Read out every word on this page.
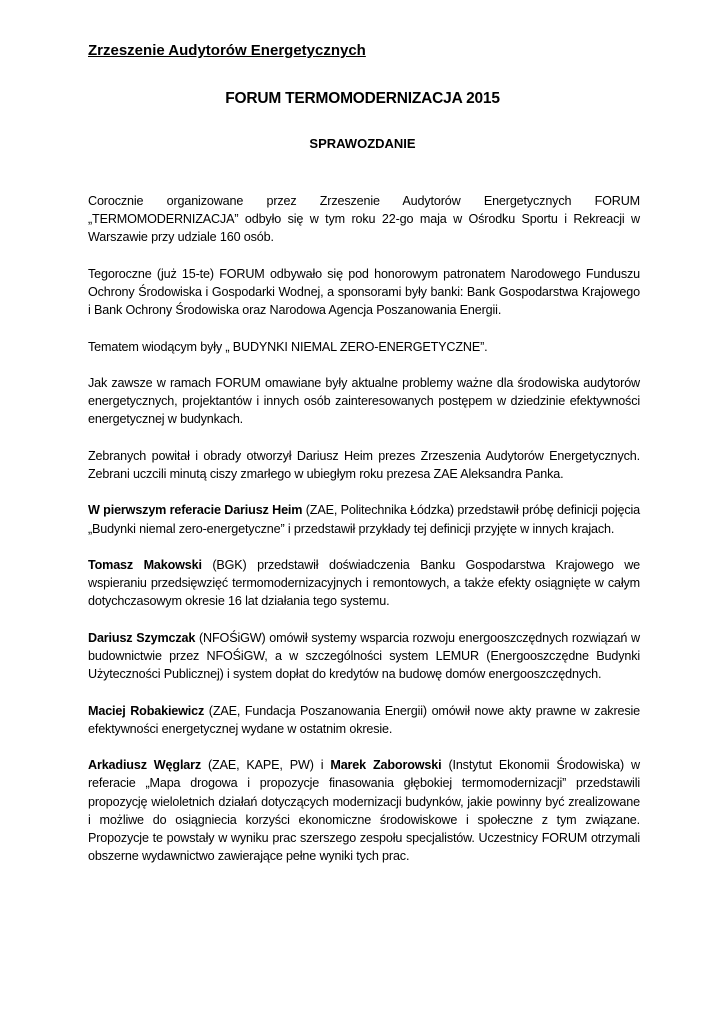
Zrzeszenie Audytorów Energetycznych
FORUM TERMOMODERNIZACJA 2015
SPRAWOZDANIE

Corocznie organizowane przez Zrzeszenie Audytorów Energetycznych FORUM „TERMOMODERNIZACJA” odbyło się w tym roku 22-go maja w Ośrodku Sportu i Rekreacji w Warszawie przy udziale 160 osób.

Tegoroczne (już 15-te) FORUM odbywało się pod honorowym patronatem Narodowego Funduszu Ochrony Środowiska i Gospodarki Wodnej, a sponsorami były banki: Bank Gospodarstwa Krajowego i Bank Ochrony Środowiska oraz Narodowa Agencja Poszanowania Energii.

Tematem wiodącym były „ BUDYNKI NIEMAL ZERO-ENERGETYCZNE”.

Jak zawsze w ramach FORUM omawiane były aktualne problemy ważne dla środowiska audytorów energetycznych, projektantów i innych osób zainteresowanych postępem w dziedzinie efektywności energetycznej w budynkach.

Zebranych powitał i obrady otworzył Dariusz Heim prezes Zrzeszenia Audytorów Energetycznych. Zebrani uczcili minutą ciszy zmarłego w ubiegłym roku prezesa ZAE Aleksandra Panka.

W pierwszym referacie Dariusz Heim (ZAE, Politechnika Łódzka) przedstawił próbę definicji pojęcia „Budynki niemal zero-energetyczne” i przedstawił przykłady tej definicji przyjęte w innych krajach.

Tomasz Makowski (BGK) przedstawił doświadczenia Banku Gospodarstwa Krajowego we wspieraniu przedsięwzięć termomodernizacyjnych i remontowych, a także efekty osiągnięte w całym dotychczasowym okresie 16 lat działania tego systemu.

Dariusz Szymczak (NFOŚiGW) omówił systemy wsparcia rozwoju energooszczędnych rozwiązań w budownictwie przez NFOŚiGW, a w szczególności system LEMUR (Energooszczędne Budynki Użyteczności Publicznej) i system dopłat do kredytów na budowę domów energooszczędnych.

Maciej Robakiewicz (ZAE, Fundacja Poszanowania Energii) omówił nowe akty prawne w zakresie efektywności energetycznej wydane w ostatnim okresie.

Arkadiusz Węglarz (ZAE, KAPE, PW) i Marek Zaborowski (Instytut Ekonomii Środowiska) w referacie „Mapa drogowa i propozycje finasowania głębokiej termomodernizacji” przedstawili propozycję wieloletnich działań dotyczących modernizacji budynków, jakie powinny być zrealizowane i możliwe do osiągniecia korzyści ekonomiczne środowiskowe i społeczne z tym związane. Propozycje te powstały w wyniku prac szerszego zespołu specjalistów. Uczestnicy FORUM otrzymali obszerne wydawnictwo zawierające pełne wyniki tych prac.
